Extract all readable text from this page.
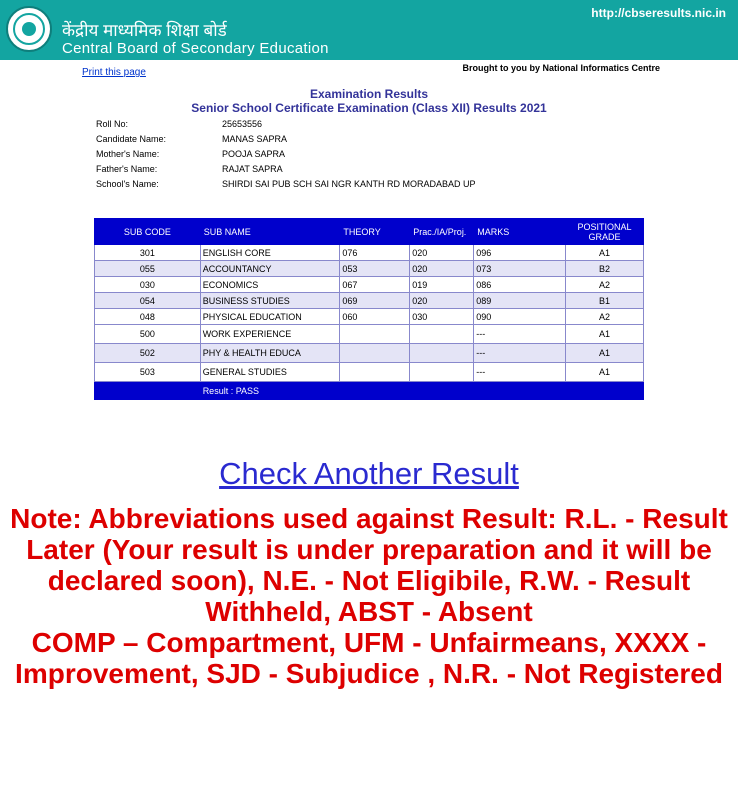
केंद्रीय माध्यमिक शिक्षा बोर्ड
Central Board of Secondary Education
http://cbseresults.nic.in
Print this page	Brought to you by National Informatics Centre
Examination Results
Senior School Certificate Examination (Class XII) Results 2021
Roll No:	25653556
Candidate Name:	MANAS SAPRA
Mother's Name:	POOJA SAPRA
Father's Name:	RAJAT SAPRA
School's Name:	SHIRDI SAI PUB SCH SAI NGR KANTH RD MORADABAD UP
SUB CODE	SUB NAME	THEORY	Prac./IA/Proj.	MARKS	POSITIONAL GRADE
301	ENGLISH CORE	076	020	096	A1
055	ACCOUNTANCY	053	020	073	B2
030	ECONOMICS	067	019	086	A2
054	BUSINESS STUDIES	069	020	089	B1
048	PHYSICAL EDUCATION	060	030	090	A2
500	WORK EXPERIENCE			---	A1
502	PHY & HEALTH EDUCA			---	A1
503	GENERAL STUDIES			---	A1
	Result : PASS				
Check Another Result
Note: Abbreviations used against Result: R.L. - Result Later (Your result is under preparation and it will be declared soon), N.E. - Not Eligibile, R.W. - Result Withheld, ABST - Absent
COMP – Compartment, UFM - Unfairmeans, XXXX - Improvement, SJD - Subjudice , N.R. - Not Registered
